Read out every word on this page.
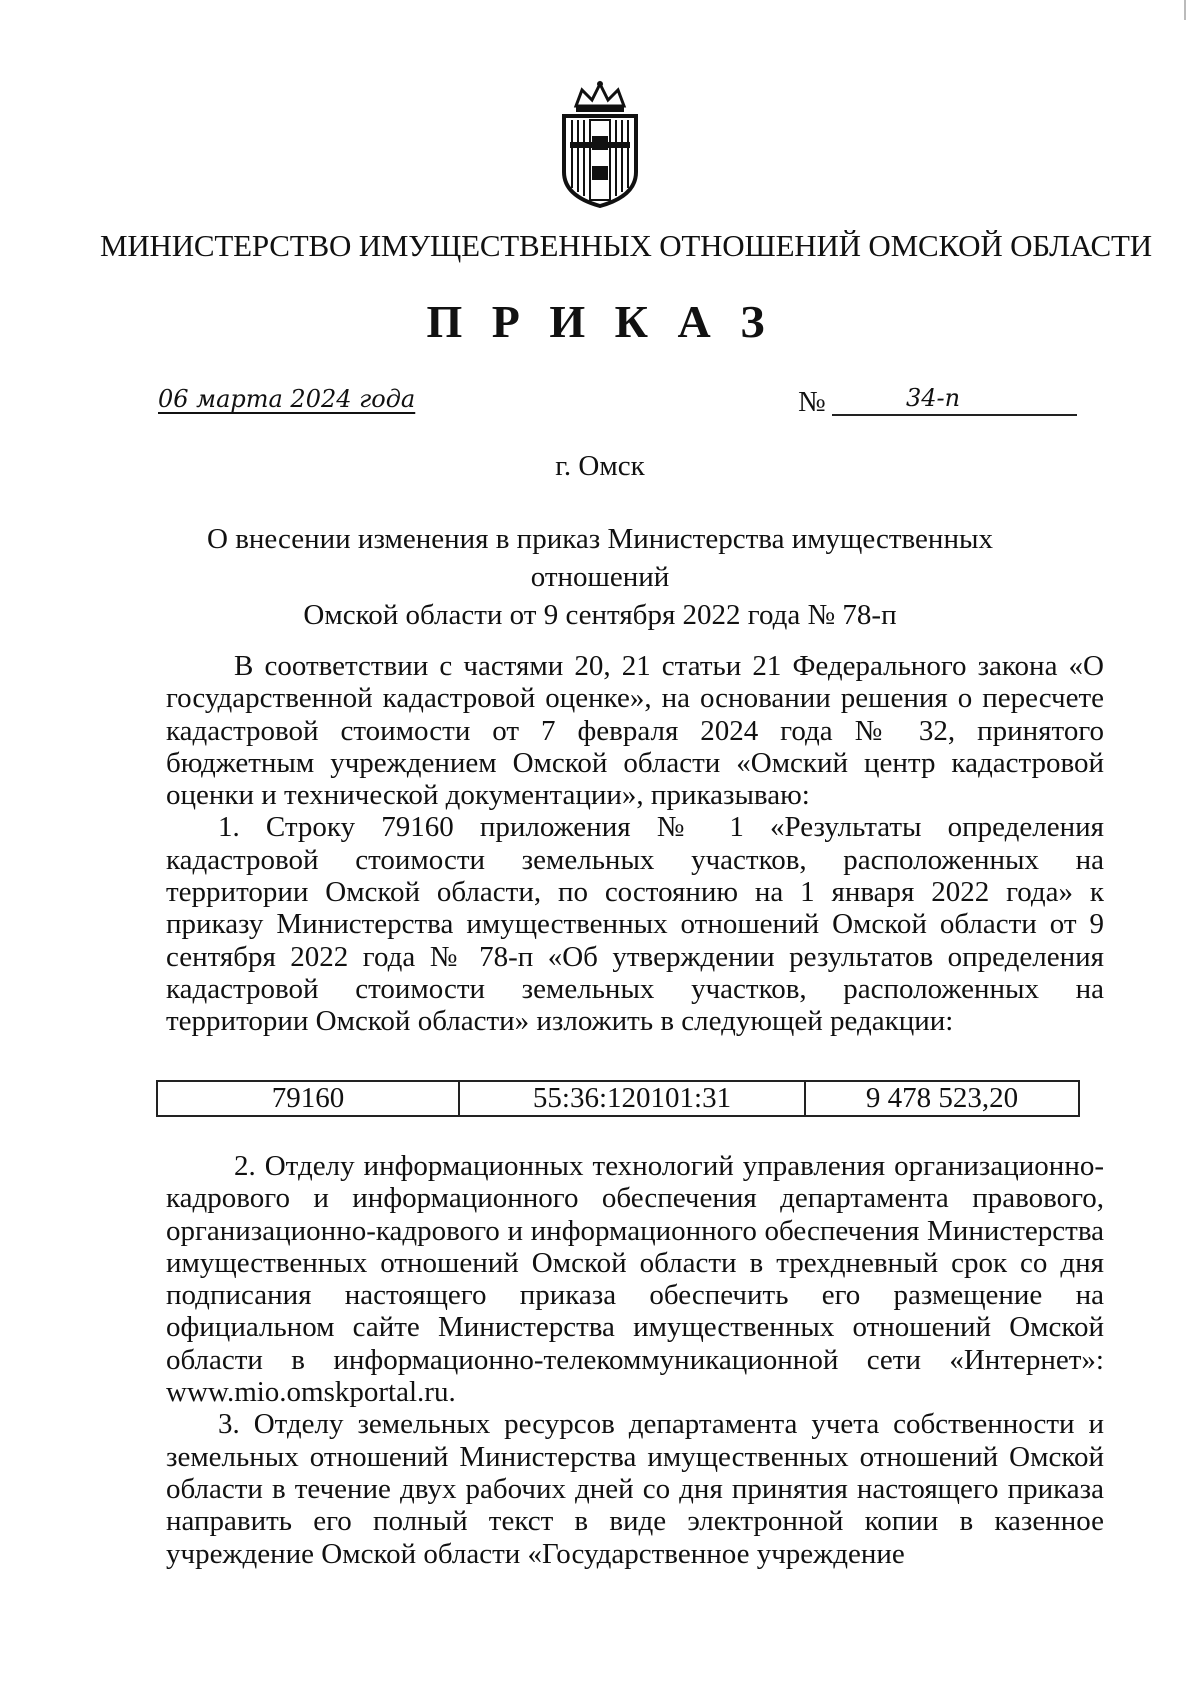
МИНИСТЕРСТВО ИМУЩЕСТВЕННЫХ ОТНОШЕНИЙ ОМСКОЙ ОБЛАСТИ
П Р И К А З
06 марта 2024 года	№	34-п
г. Омск
О внесении изменения в приказ Министерства имущественных отношений
Омской области от 9 сентября 2022 года № 78-п

В соответствии с частями 20, 21 статьи 21 Федерального закона «О государственной кадастровой оценке», на основании решения о пересчете кадастровой стоимости от 7 февраля 2024 года № 32, принятого бюджетным учреждением Омской области «Омский центр кадастровой оценки и технической документации», приказываю:

1. Строку 79160 приложения № 1 «Результаты определения кадастровой стоимости земельных участков, расположенных на территории Омской области, по состоянию на 1 января 2022 года» к приказу Министерства имущественных отношений Омской области от 9 сентября 2022 года № 78-п «Об утверждении результатов определения кадастровой стоимости земельных участков, расположенных на территории Омской области» изложить в следующей редакции:

79160	55:36:120101:31	9 478 523,20

2. Отделу информационных технологий управления организационно-кадрового и информационного обеспечения департамента правового, организационно-кадрового и информационного обеспечения Министерства имущественных отношений Омской области в трехдневный срок со дня подписания настоящего приказа обеспечить его размещение на официальном сайте Министерства имущественных отношений Омской области в информационно-телекоммуникационной сети «Интернет»: www.mio.omskportal.ru.

3. Отделу земельных ресурсов департамента учета собственности и земельных отношений Министерства имущественных отношений Омской области в течение двух рабочих дней со дня принятия настоящего приказа направить его полный текст в виде электронной копии в казенное учреждение Омской области «Государственное учреждение
